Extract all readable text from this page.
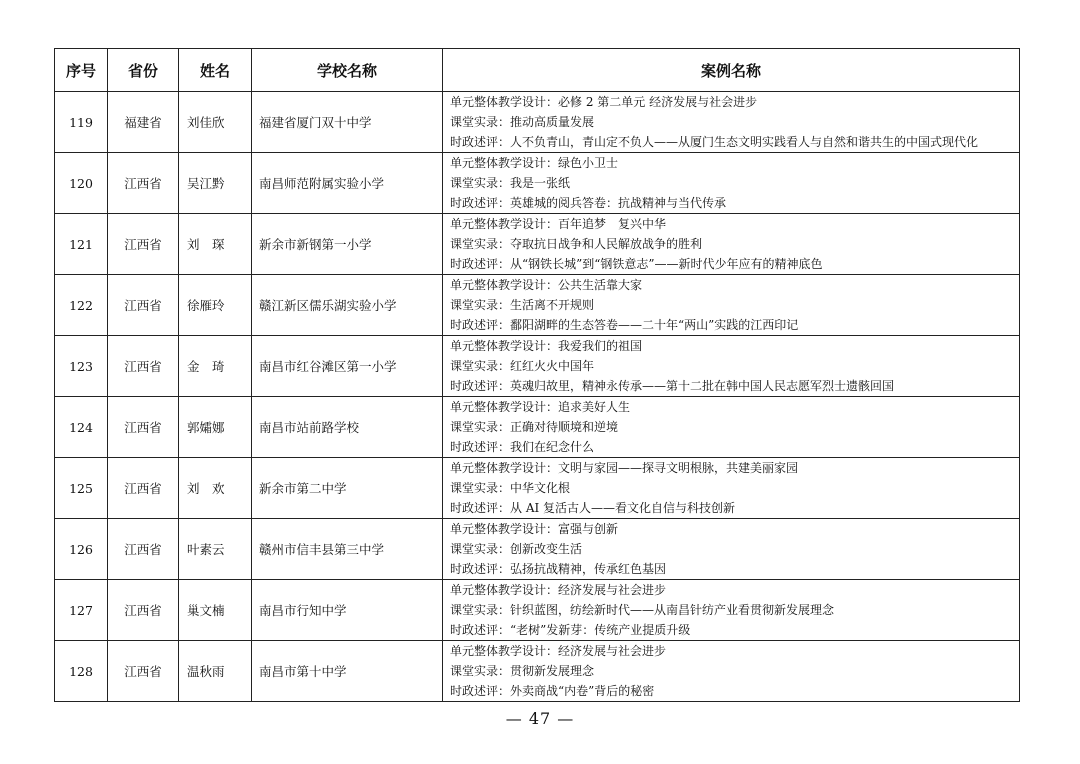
序号	省份	姓名	学校名称	案例名称
119	福建省	刘佳欣	福建省厦门双十中学	单元整体教学设计：必修 2 第二单元 经济发展与社会进步
课堂实录：推动高质量发展
时政述评：人不负青山，青山定不负人——从厦门生态文明实践看人与自然和谐共生的中国式现代化

120	江西省	吴江黔	南昌师范附属实验小学	单元整体教学设计：绿色小卫士
课堂实录：我是一张纸
时政述评：英雄城的阅兵答卷：抗战精神与当代传承

121	江西省	刘　琛	新余市新钢第一小学	单元整体教学设计：百年追梦　复兴中华
课堂实录：夺取抗日战争和人民解放战争的胜利
时政述评：从“钢铁长城”到“钢铁意志”——新时代少年应有的精神底色

122	江西省	徐雁玲	赣江新区儒乐湖实验小学	单元整体教学设计：公共生活靠大家
课堂实录：生活离不开规则
时政述评：鄱阳湖畔的生态答卷——二十年“两山”实践的江西印记

123	江西省	金　琦	南昌市红谷滩区第一小学	单元整体教学设计：我爱我们的祖国
课堂实录：红红火火中国年
时政述评：英魂归故里，精神永传承——第十二批在韩中国人民志愿军烈士遗骸回国

124	江西省	郭孀娜	南昌市站前路学校	单元整体教学设计：追求美好人生
课堂实录：正确对待顺境和逆境
时政述评：我们在纪念什么

125	江西省	刘　欢	新余市第二中学	单元整体教学设计：文明与家园——探寻文明根脉，共建美丽家园
课堂实录：中华文化根
时政述评：从 AI 复活古人——看文化自信与科技创新

126	江西省	叶素云	赣州市信丰县第三中学	单元整体教学设计：富强与创新
课堂实录：创新改变生活
时政述评：弘扬抗战精神，传承红色基因

127	江西省	巢文楠	南昌市行知中学	单元整体教学设计：经济发展与社会进步
课堂实录：针织蓝图，纺绘新时代——从南昌针纺产业看贯彻新发展理念
时政述评：“老树”发新芽：传统产业提质升级

128	江西省	温秋雨	南昌市第十中学	单元整体教学设计：经济发展与社会进步
课堂实录：贯彻新发展理念
时政述评：外卖商战“内卷”背后的秘密
— 47 —
